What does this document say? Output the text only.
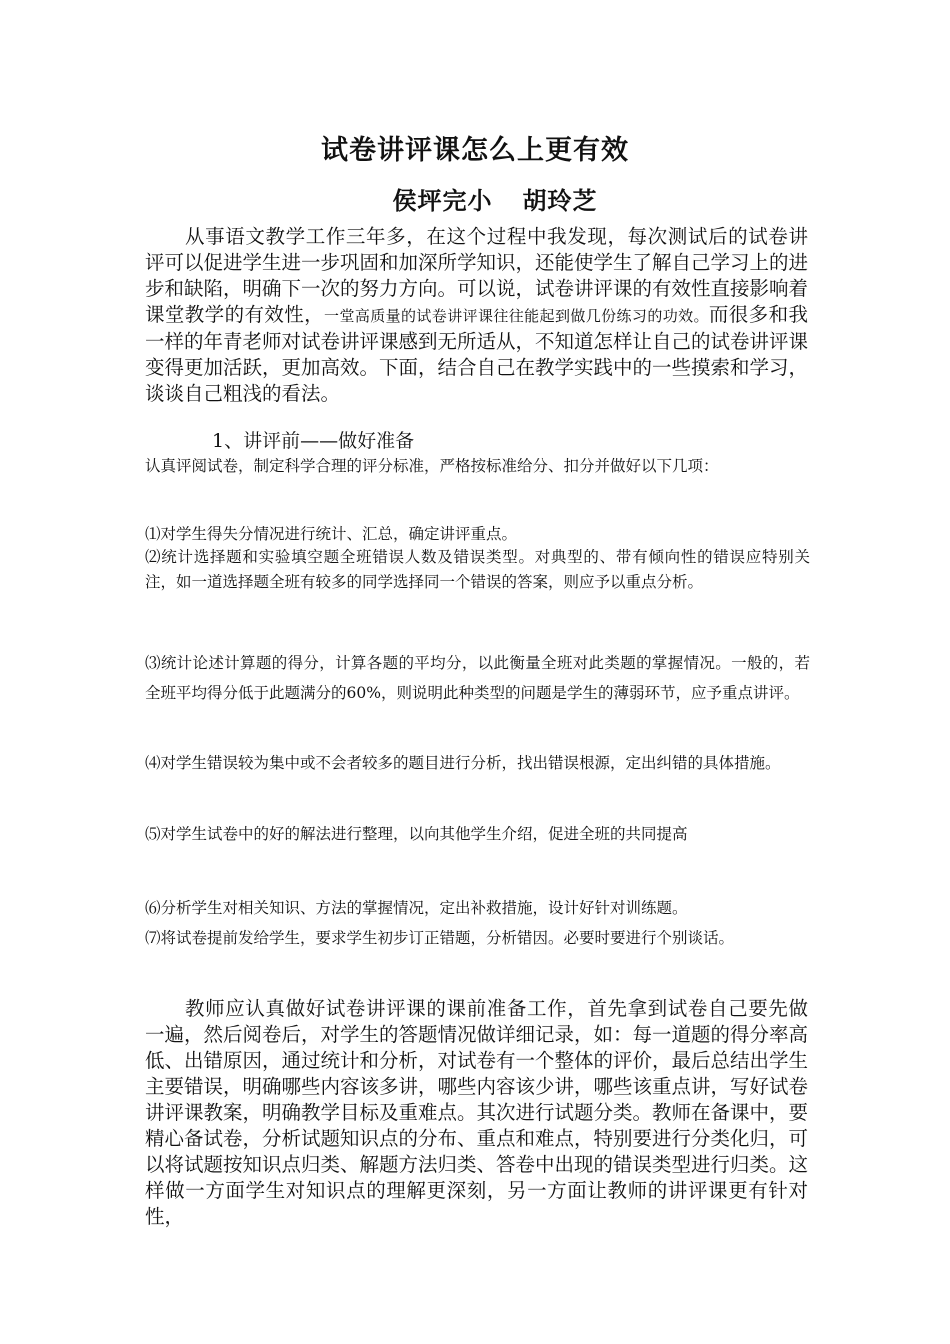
试卷讲评课怎么上更有效
侯坪完小 胡玲芝

从事语文教学工作三年多，在这个过程中我发现，每次测试后的试卷讲评可以促进学生进一步巩固和加深所学知识，还能使学生了解自己学习上的进步和缺陷，明确下一次的努力方向。可以说，试卷讲评课的有效性直接影响着课堂教学的有效性，一堂高质量的试卷讲评课往往能起到做几份练习的功效。而很多和我一样的年青老师对试卷讲评课感到无所适从，不知道怎样让自己的试卷讲评课变得更加活跃，更加高效。下面，结合自己在教学实践中的一些摸索和学习，谈谈自己粗浅的看法。

1、讲评前——做好准备

认真评阅试卷，制定科学合理的评分标准，严格按标准给分、扣分并做好以下几项：

⑴对学生得失分情况进行统计、汇总，确定讲评重点。

⑵统计选择题和实验填空题全班错误人数及错误类型。对典型的、带有倾向性的错误应特别关注，如一道选择题全班有较多的同学选择同一个错误的答案，则应予以重点分析。

⑶统计论述计算题的得分，计算各题的平均分，以此衡量全班对此类题的掌握情况。一般的，若全班平均得分低于此题满分的60%，则说明此种类型的问题是学生的薄弱环节，应予重点讲评。

⑷对学生错误较为集中或不会者较多的题目进行分析，找出错误根源，定出纠错的具体措施。

⑸对学生试卷中的好的解法进行整理，以向其他学生介绍，促进全班的共同提高

⑹分析学生对相关知识、方法的掌握情况，定出补救措施，设计好针对训练题。

⑺将试卷提前发给学生，要求学生初步订正错题，分析错因。必要时要进行个别谈话。

教师应认真做好试卷讲评课的课前准备工作，首先拿到试卷自己要先做一遍，然后阅卷后，对学生的答题情况做详细记录，如：每一道题的得分率高低、出错原因，通过统计和分析，对试卷有一个整体的评价，最后总结出学生主要错误，明确哪些内容该多讲，哪些内容该少讲，哪些该重点讲，写好试卷讲评课教案，明确教学目标及重难点。其次进行试题分类。教师在备课中，要精心备试卷，分析试题知识点的分布、重点和难点，特别要进行分类化归，可以将试题按知识点归类、解题方法归类、答卷中出现的错误类型进行归类。这样做一方面学生对知识点的理解更深刻，另一方面让教师的讲评课更有针对性，
